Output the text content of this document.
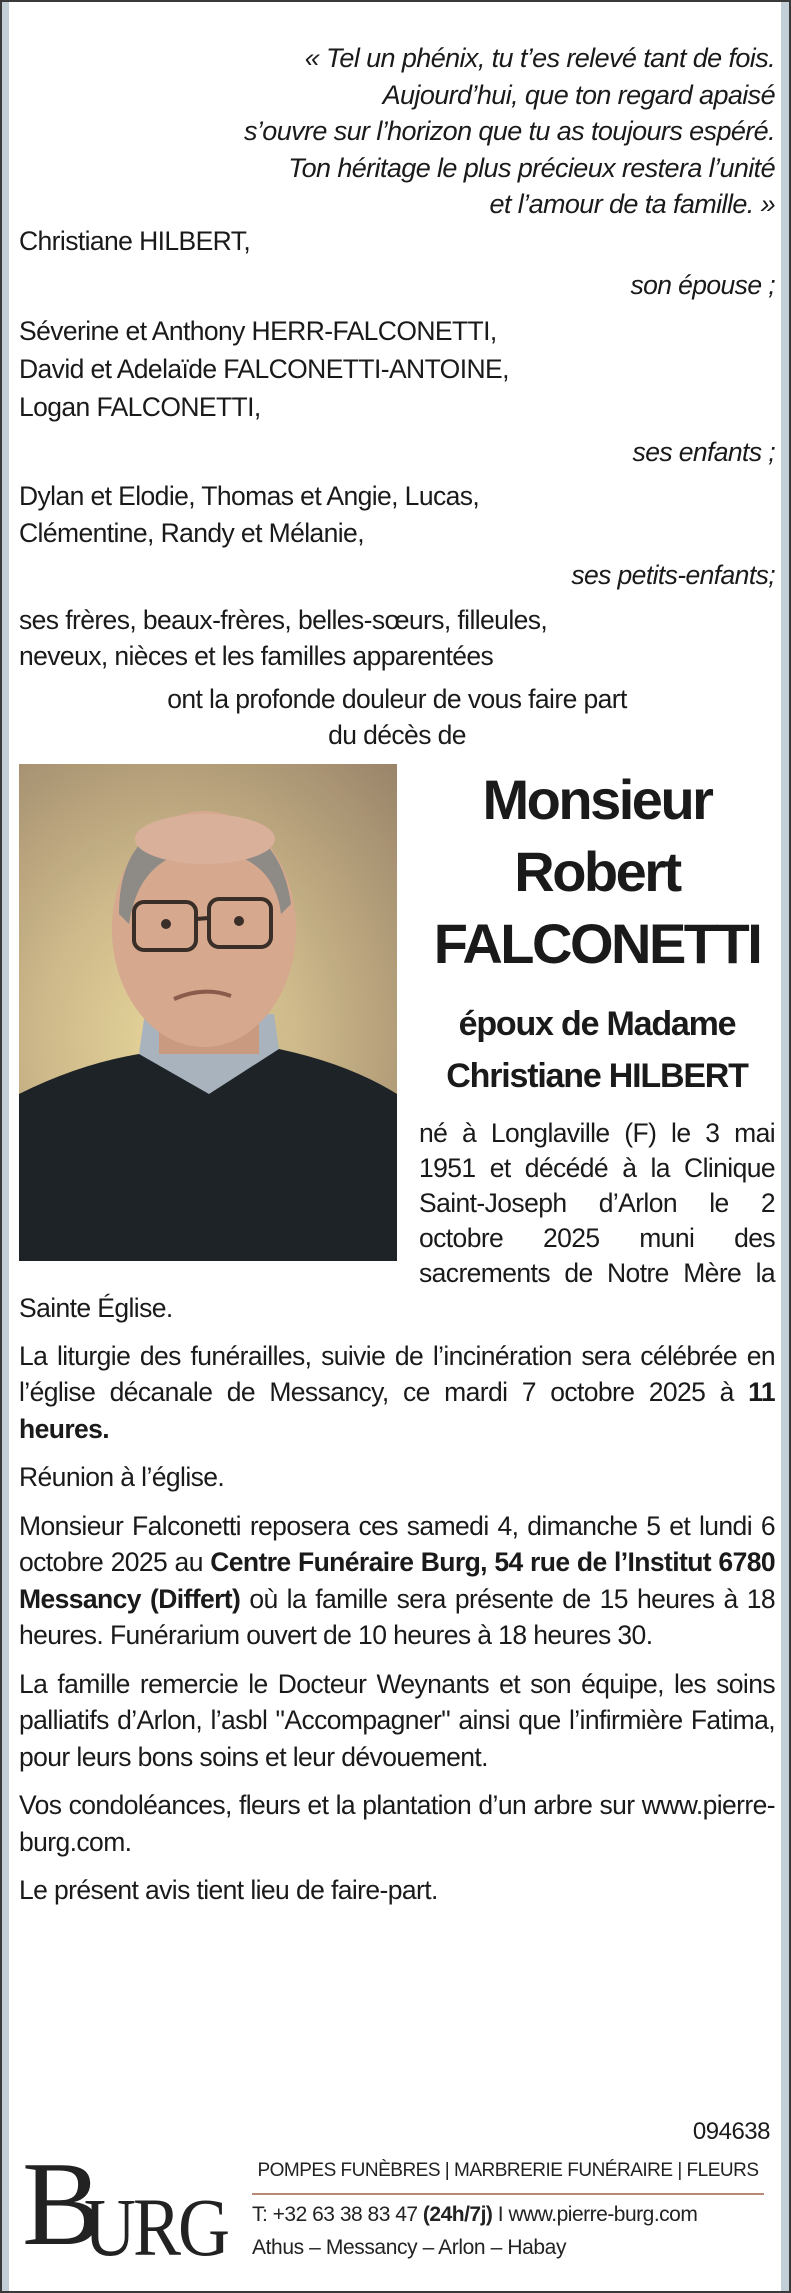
« Tel un phénix, tu t’es relevé tant de fois.
Aujourd’hui, que ton regard apaisé
s’ouvre sur l’horizon que tu as toujours espéré.
Ton héritage le plus précieux restera l’unité
et l’amour de ta famille. »
Christiane HILBERT,
son épouse ;
Séverine et Anthony HERR-FALCONETTI,
David et Adelaïde FALCONETTI-ANTOINE,
Logan FALCONETTI,
ses enfants ;
Dylan et Elodie, Thomas et Angie, Lucas,
Clémentine, Randy et Mélanie,
ses petits-enfants;
ses frères, beaux-frères, belles-sœurs, filleules,
neveux, nièces et les familles apparentées
ont la profonde douleur de vous faire part
du décès de
Monsieur
Robert
FALCONETTI
époux de Madame
Christiane HILBERT

né à Longlaville (F) le 3 mai 1951 et décédé à la Clinique Saint-Joseph d’Arlon le 2 octobre 2025 muni des sacrements de Notre Mère la Sainte Église.

La liturgie des funérailles, suivie de l’incinération sera célébrée en l’église décanale de Messancy, ce mardi 7 octobre 2025 à 11 heures.

Réunion à l’église.

Monsieur Falconetti reposera ces samedi 4, dimanche 5 et lundi 6 octobre 2025 au Centre Funéraire Burg, 54 rue de l’Institut 6780 Messancy (Differt) où la famille sera présente de 15 heures à 18 heures. Funérarium ouvert de 10 heures à 18 heures 30.

La famille remercie le Docteur Weynants et son équipe, les soins palliatifs d’Arlon, l’asbl "Accompagner" ainsi que l’infirmière Fatima, pour leurs bons soins et leur dévouement.

Vos condoléances, fleurs et la plantation d’un arbre sur www.pierre-burg.com.

Le présent avis tient lieu de faire-part.

094638
B
URG
POMPES FUNÈBRES | MARBRERIE FUNÉRAIRE | FLEURS
T: +32 63 38 83 47 (24h/7j) I www.pierre-burg.com
Athus – Messancy – Arlon – Habay
